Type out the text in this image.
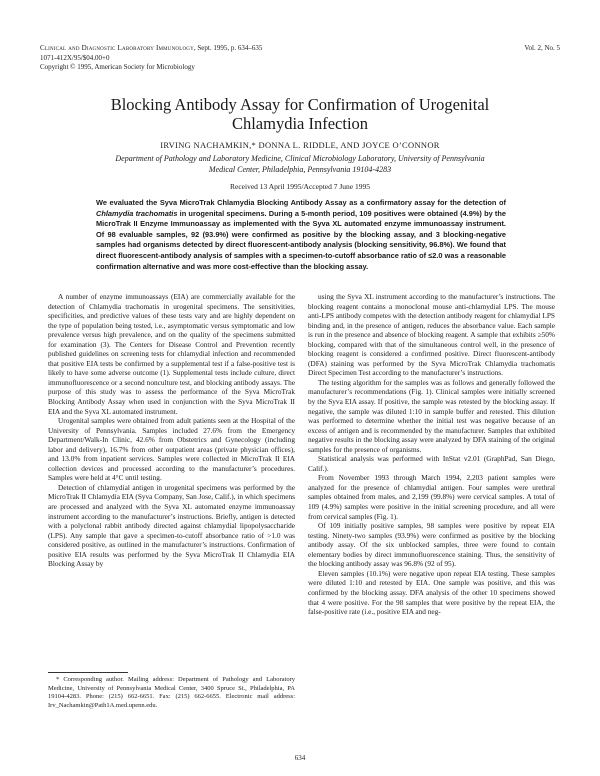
Clinical and Diagnostic Laboratory Immunology, Sept. 1995, p. 634–635
1071-412X/95/$04.00+0
Copyright © 1995, American Society for Microbiology
Vol. 2, No. 5
Blocking Antibody Assay for Confirmation of Urogenital
Chlamydia Infection
IRVING NACHAMKIN,* DONNA L. RIDDLE, AND JOYCE O’CONNOR
Department of Pathology and Laboratory Medicine, Clinical Microbiology Laboratory, University of Pennsylvania
Medical Center, Philadelphia, Pennsylvania 19104-4283
Received 13 April 1995/Accepted 7 June 1995
We evaluated the Syva MicroTrak Chlamydia Blocking Antibody Assay as a confirmatory assay for the detection of Chlamydia trachomatis in urogenital specimens. During a 5-month period, 109 positives were obtained (4.9%) by the MicroTrak II Enzyme Immunoassay as implemented with the Syva XL automated enzyme immunoassay instrument. Of 98 evaluable samples, 92 (93.9%) were confirmed as positive by the blocking assay, and 3 blocking-negative samples had organisms detected by direct fluorescent-antibody analysis (blocking sensitivity, 96.8%). We found that direct fluorescent-antibody analysis of samples with a specimen-to-cutoff absorbance ratio of ≤2.0 was a reasonable confirmation alternative and was more cost-effective than the blocking assay.

A number of enzyme immunoassays (EIA) are commercially available for the detection of Chlamydia trachomatis in urogenital specimens. The sensitivities, specificities, and predictive values of these tests vary and are highly dependent on the type of population being tested, i.e., asymptomatic versus symptomatic and low prevalence versus high prevalence, and on the quality of the specimens submitted for examination (3). The Centers for Disease Control and Prevention recently published guidelines on screening tests for chlamydial infection and recommended that positive EIA tests be confirmed by a supplemental test if a false-positive test is likely to have some adverse outcome (1). Supplemental tests include culture, direct immunofluorescence or a second nonculture test, and blocking antibody assays. The purpose of this study was to assess the performance of the Syva MicroTrak Blocking Antibody Assay when used in conjunction with the Syva MicroTrak II EIA and the Syva XL automated instrument.

Urogenital samples were obtained from adult patients seen at the Hospital of the University of Pennsylvania. Samples included 27.6% from the Emergency Department/Walk-In Clinic, 42.6% from Obstetrics and Gynecology (including labor and delivery), 16.7% from other outpatient areas (private physician offices), and 13.0% from inpatient services. Samples were collected in MicroTrak II EIA collection devices and processed according to the manufacturer’s procedures. Samples were held at 4°C until testing.

Detection of chlamydial antigen in urogenital specimens was performed by the MicroTrak II Chlamydia EIA (Syva Company, San Jose, Calif.), in which specimens are processed and analyzed with the Syva XL automated enzyme immunoassay instrument according to the manufacturer’s instructions. Briefly, antigen is detected with a polyclonal rabbit antibody directed against chlamydial lipopolysaccharide (LPS). Any sample that gave a specimen-to-cutoff absorbance ratio of >1.0 was considered positive, as outlined in the manufacturer’s instructions. Confirmation of positive EIA results was performed by the Syva MicroTrak II Chlamydia EIA Blocking Assay by

using the Syva XL instrument according to the manufacturer’s instructions. The blocking reagent contains a monoclonal mouse anti-chlamydial LPS. The mouse anti-LPS antibody competes with the detection antibody reagent for chlamydial LPS binding and, in the presence of antigen, reduces the absorbance value. Each sample is run in the presence and absence of blocking reagent. A sample that exhibits ≥50% blocking, compared with that of the simultaneous control well, in the presence of blocking reagent is considered a confirmed positive. Direct fluorescent-antibody (DFA) staining was performed by the Syva MicroTrak Chlamydia trachomatis Direct Specimen Test according to the manufacturer’s instructions.

The testing algorithm for the samples was as follows and generally followed the manufacturer’s recommendations (Fig. 1). Clinical samples were initially screened by the Syva EIA assay. If positive, the sample was retested by the blocking assay. If negative, the sample was diluted 1:10 in sample buffer and retested. This dilution was performed to determine whether the initial test was negative because of an excess of antigen and is recommended by the manufacturer. Samples that exhibited negative results in the blocking assay were analyzed by DFA staining of the original samples for the presence of organisms.

Statistical analysis was performed with InStat v2.01 (GraphPad, San Diego, Calif.).

From November 1993 through March 1994, 2,203 patient samples were analyzed for the presence of chlamydial antigen. Four samples were urethral samples obtained from males, and 2,199 (99.8%) were cervical samples. A total of 109 (4.9%) samples were positive in the initial screening procedure, and all were from cervical samples (Fig. 1).

Of 109 initially positive samples, 98 samples were positive by repeat EIA testing. Ninety-two samples (93.9%) were confirmed as positive by the blocking antibody assay. Of the six unblocked samples, three were found to contain elementary bodies by direct immunofluorescence staining. Thus, the sensitivity of the blocking antibody assay was 96.8% (92 of 95).

Eleven samples (10.1%) were negative upon repeat EIA testing. These samples were diluted 1:10 and retested by EIA. One sample was positive, and this was confirmed by the blocking assay. DFA analysis of the other 10 specimens showed that 4 were positive. For the 98 samples that were positive by the repeat EIA, the false-positive rate (i.e., positive EIA and neg-

* Corresponding author. Mailing address: Department of Pathology and Laboratory Medicine, University of Pennsylvania Medical Center, 3400 Spruce St., Philadelphia, PA 19104-4283. Phone: (215) 662-6651. Fax: (215) 662-6655. Electronic mail address: Irv_Nachamkin@Path1A.med.upenn.edu.
634
